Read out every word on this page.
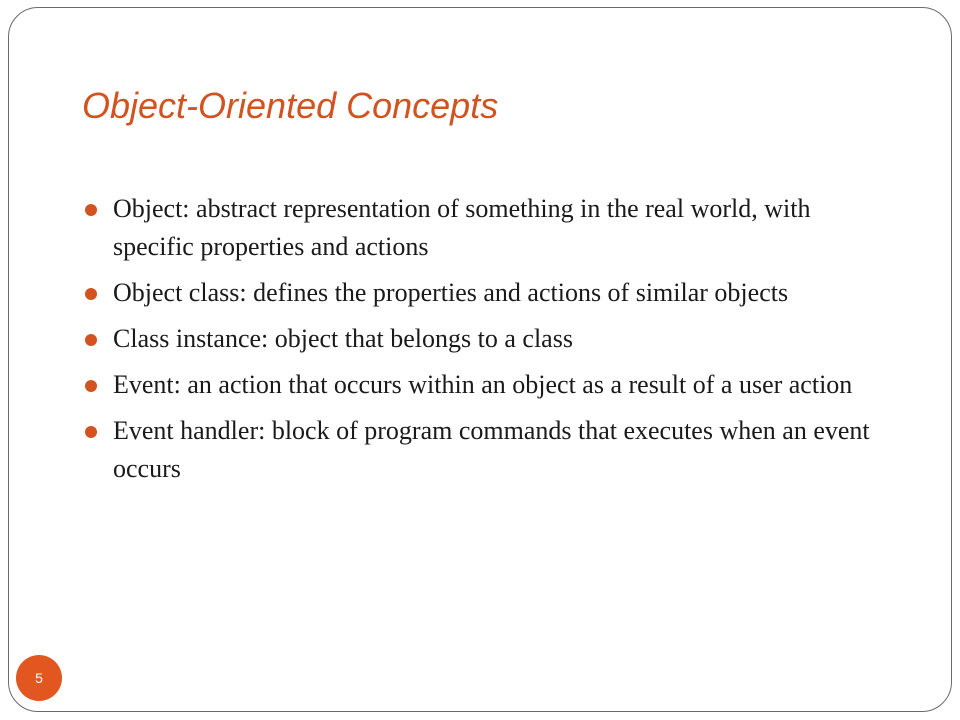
Object-Oriented Concepts
Object: abstract representation of something in the real world, with specific properties and actions
Object class: defines the properties and actions of similar objects
Class instance: object that belongs to a class
Event: an action that occurs within an object as a result of a user action
Event handler: block of program commands that executes when an event occurs
5
